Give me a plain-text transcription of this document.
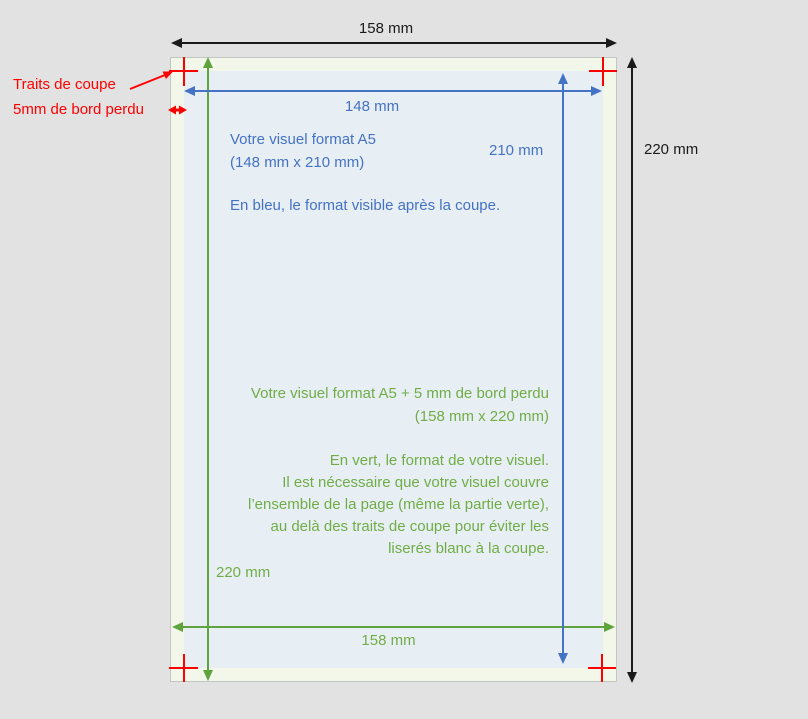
158 mm
220 mm
Traits de coupe
5mm de bord perdu	148 mm
210 mm
Votre visuel format A5
(148 mm x 210 mm)
En bleu, le format visible après la coupe.
Votre visuel format A5 + 5 mm de bord perdu
(158 mm x 220 mm)
En vert, le format de votre visuel.
Il est nécessaire que votre visuel couvre
l’ensemble de la page (même la partie verte),
au delà des traits de coupe pour éviter les
liserés blanc à la coupe.
220 mm
158 mm
